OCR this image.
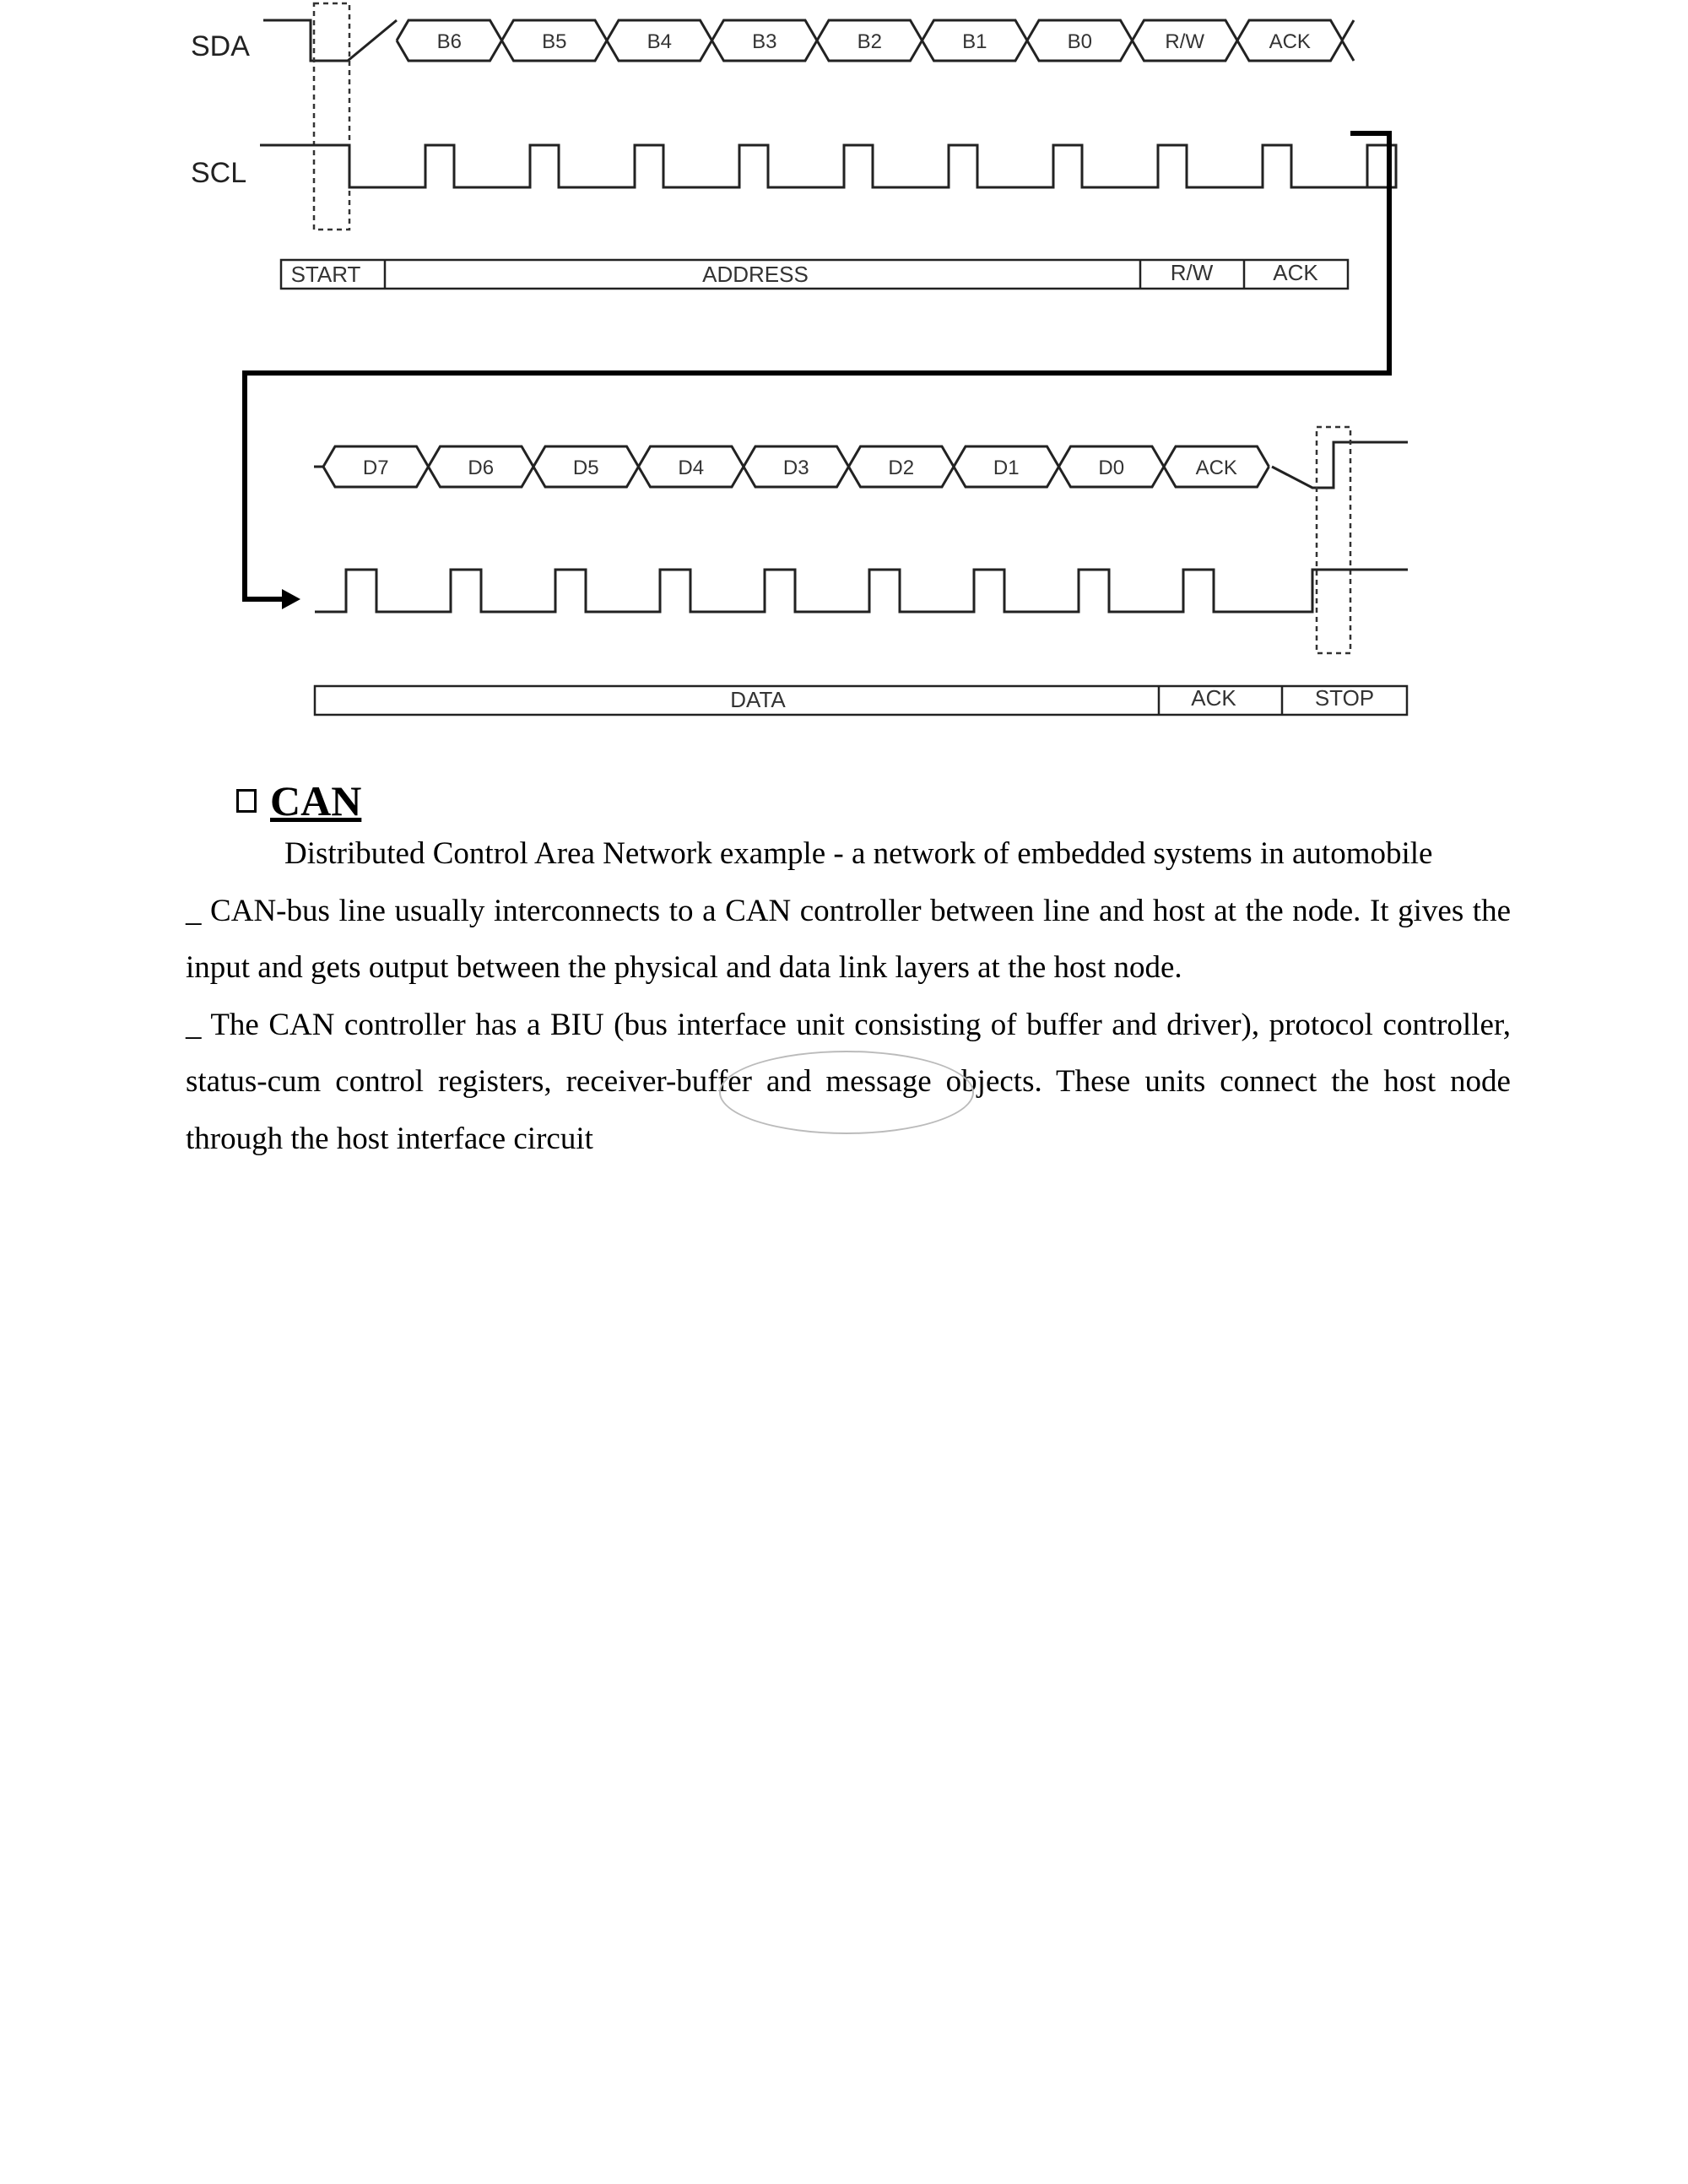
SDA
SCL
B6	B5	B4	B3	B2	B1	B0	R/W	ACK
START	ADDRESS	R/W	ACK
D7	D6	D5	D4	D3	D2	D1	D0	ACK
DATA	ACK	STOP
CAN

Distributed Control Area Network example - a network of embedded systems in automobile

_ CAN-bus line usually interconnects to a CAN controller between line and host at the node. It gives the input and gets output between the physical and data link layers at the host node.

_ The CAN controller has a BIU (bus interface unit consisting of buffer and driver), protocol controller, status-cum control registers, receiver-buffer and message objects. These units connect the host node through the host interface circuit
